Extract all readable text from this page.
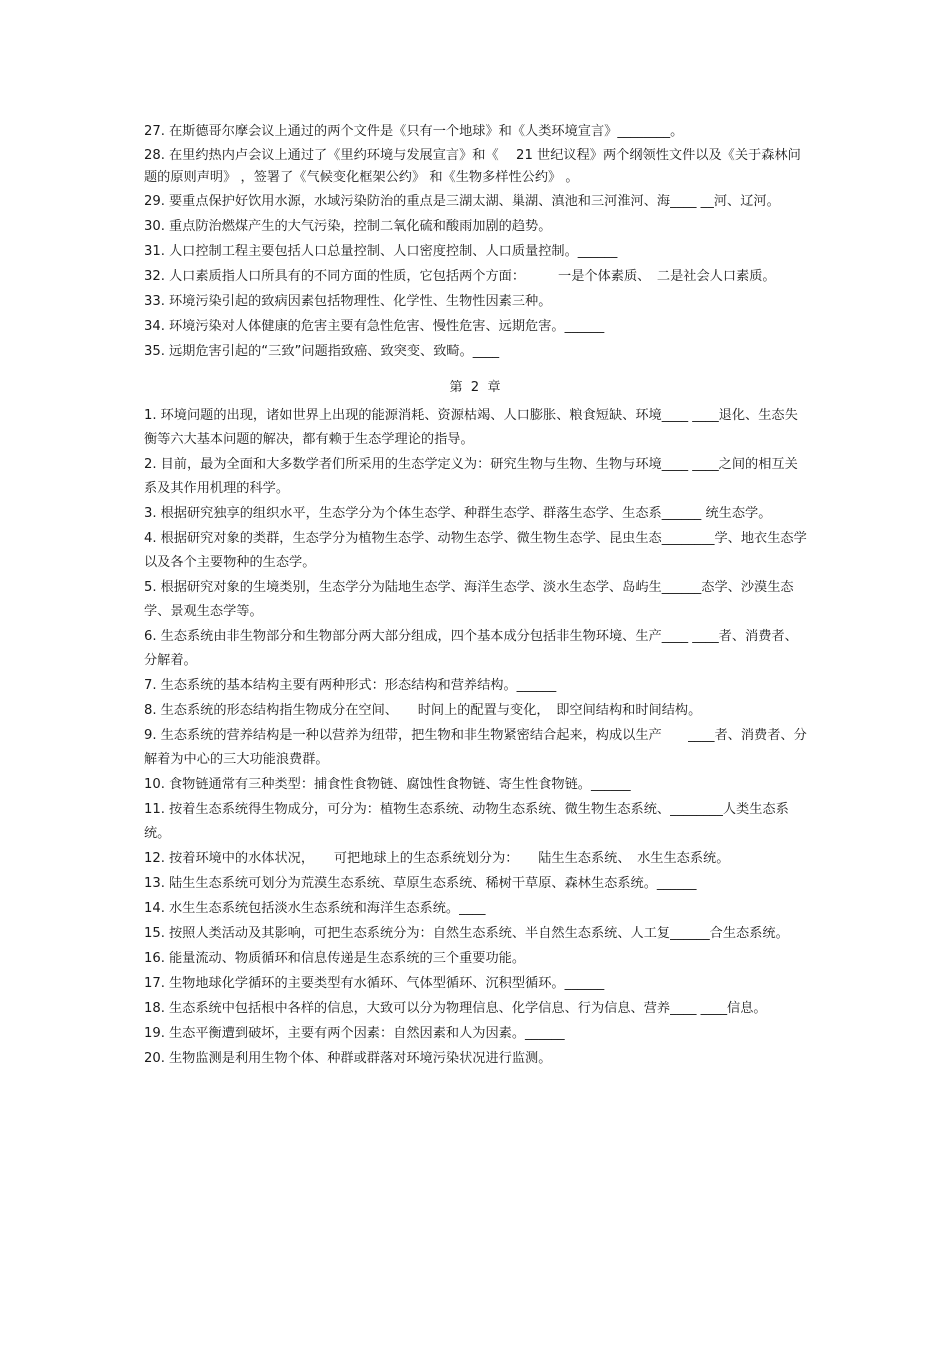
27. 在斯德哥尔摩会议上通过的两个文件是《只有一个地球》和《人类环境宣言》________。
28. 在里约热内卢会议上通过了《里约环境与发展宣言》和《　 21 世纪议程》两个纲领性文件以及《关于森林问题的原则声明》 ，签署了《气候变化框架公约》 和《生物多样性公约》 。
29. 要重点保护好饮用水源，水域污染防治的重点是三湖太湖、巢湖、滇池和三河淮河、海____ __河、辽河。
30. 重点防治燃煤产生的大气污染，控制二氧化硫和酸雨加剧的趋势。
31. 人口控制工程主要包括人口总量控制、人口密度控制、人口质量控制。______
32. 人口素质指人口所具有的不同方面的性质，它包括两个方面：　　　一是个体素质、　二是社会人口素质。
33. 环境污染引起的致病因素包括物理性、化学性、生物性因素三种。
34. 环境污染对人体健康的危害主要有急性危害、慢性危害、远期危害。______
35. 远期危害引起的“三致”问题指致癌、致突变、致畸。____
第 2 章
1. 环境问题的出现，诸如世界上出现的能源消耗、资源枯竭、人口膨胀、粮食短缺、环境____ ____退化、生态失衡等六大基本问题的解决，都有赖于生态学理论的指导。
2. 目前，最为全面和大多数学者们所采用的生态学定义为：研究生物与生物、生物与环境____ ____之间的相互关系及其作用机理的科学。
3. 根据研究独享的组织水平，生态学分为个体生态学、种群生态学、群落生态学、生态系______ 统生态学。
4. 根据研究对象的类群，生态学分为植物生态学、动物生态学、微生物生态学、昆虫生态________学、地衣生态学以及各个主要物种的生态学。
5. 根据研究对象的生境类别，生态学分为陆地生态学、海洋生态学、淡水生态学、岛屿生______态学、沙漠生态学、景观生态学等。
6. 生态系统由非生物部分和生物部分两大部分组成，四个基本成分包括非生物环境、生产____ ____者、消费者、分解着。
7. 生态系统的基本结构主要有两种形式：形态结构和营养结构。______
8. 生态系统的形态结构指生物成分在空间、　　时间上的配置与变化，　即空间结构和时间结构。
9. 生态系统的营养结构是一种以营养为纽带，把生物和非生物紧密结合起来，构成以生产　　____者、消费者、分解着为中心的三大功能浪费群。
10. 食物链通常有三种类型：捕食性食物链、腐蚀性食物链、寄生性食物链。______
11. 按着生态系统得生物成分，可分为：植物生态系统、动物生态系统、微生物生态系统、________人类生态系统。
12. 按着环境中的水体状况，　　可把地球上的生态系统划分为：　　陆生生态系统、　水生生态系统。
13. 陆生生态系统可划分为荒漠生态系统、草原生态系统、稀树干草原、森林生态系统。______
14. 水生生态系统包括淡水生态系统和海洋生态系统。____
15. 按照人类活动及其影响，可把生态系统分为：自然生态系统、半自然生态系统、人工复______合生态系统。
16. 能量流动、物质循环和信息传递是生态系统的三个重要功能。
17. 生物地球化学循环的主要类型有水循环、气体型循环、沉积型循环。______
18. 生态系统中包括根中各样的信息，大致可以分为物理信息、化学信息、行为信息、营养____ ____信息。
19. 生态平衡遭到破坏，主要有两个因素：自然因素和人为因素。______
20. 生物监测是利用生物个体、种群或群落对环境污染状况进行监测。
